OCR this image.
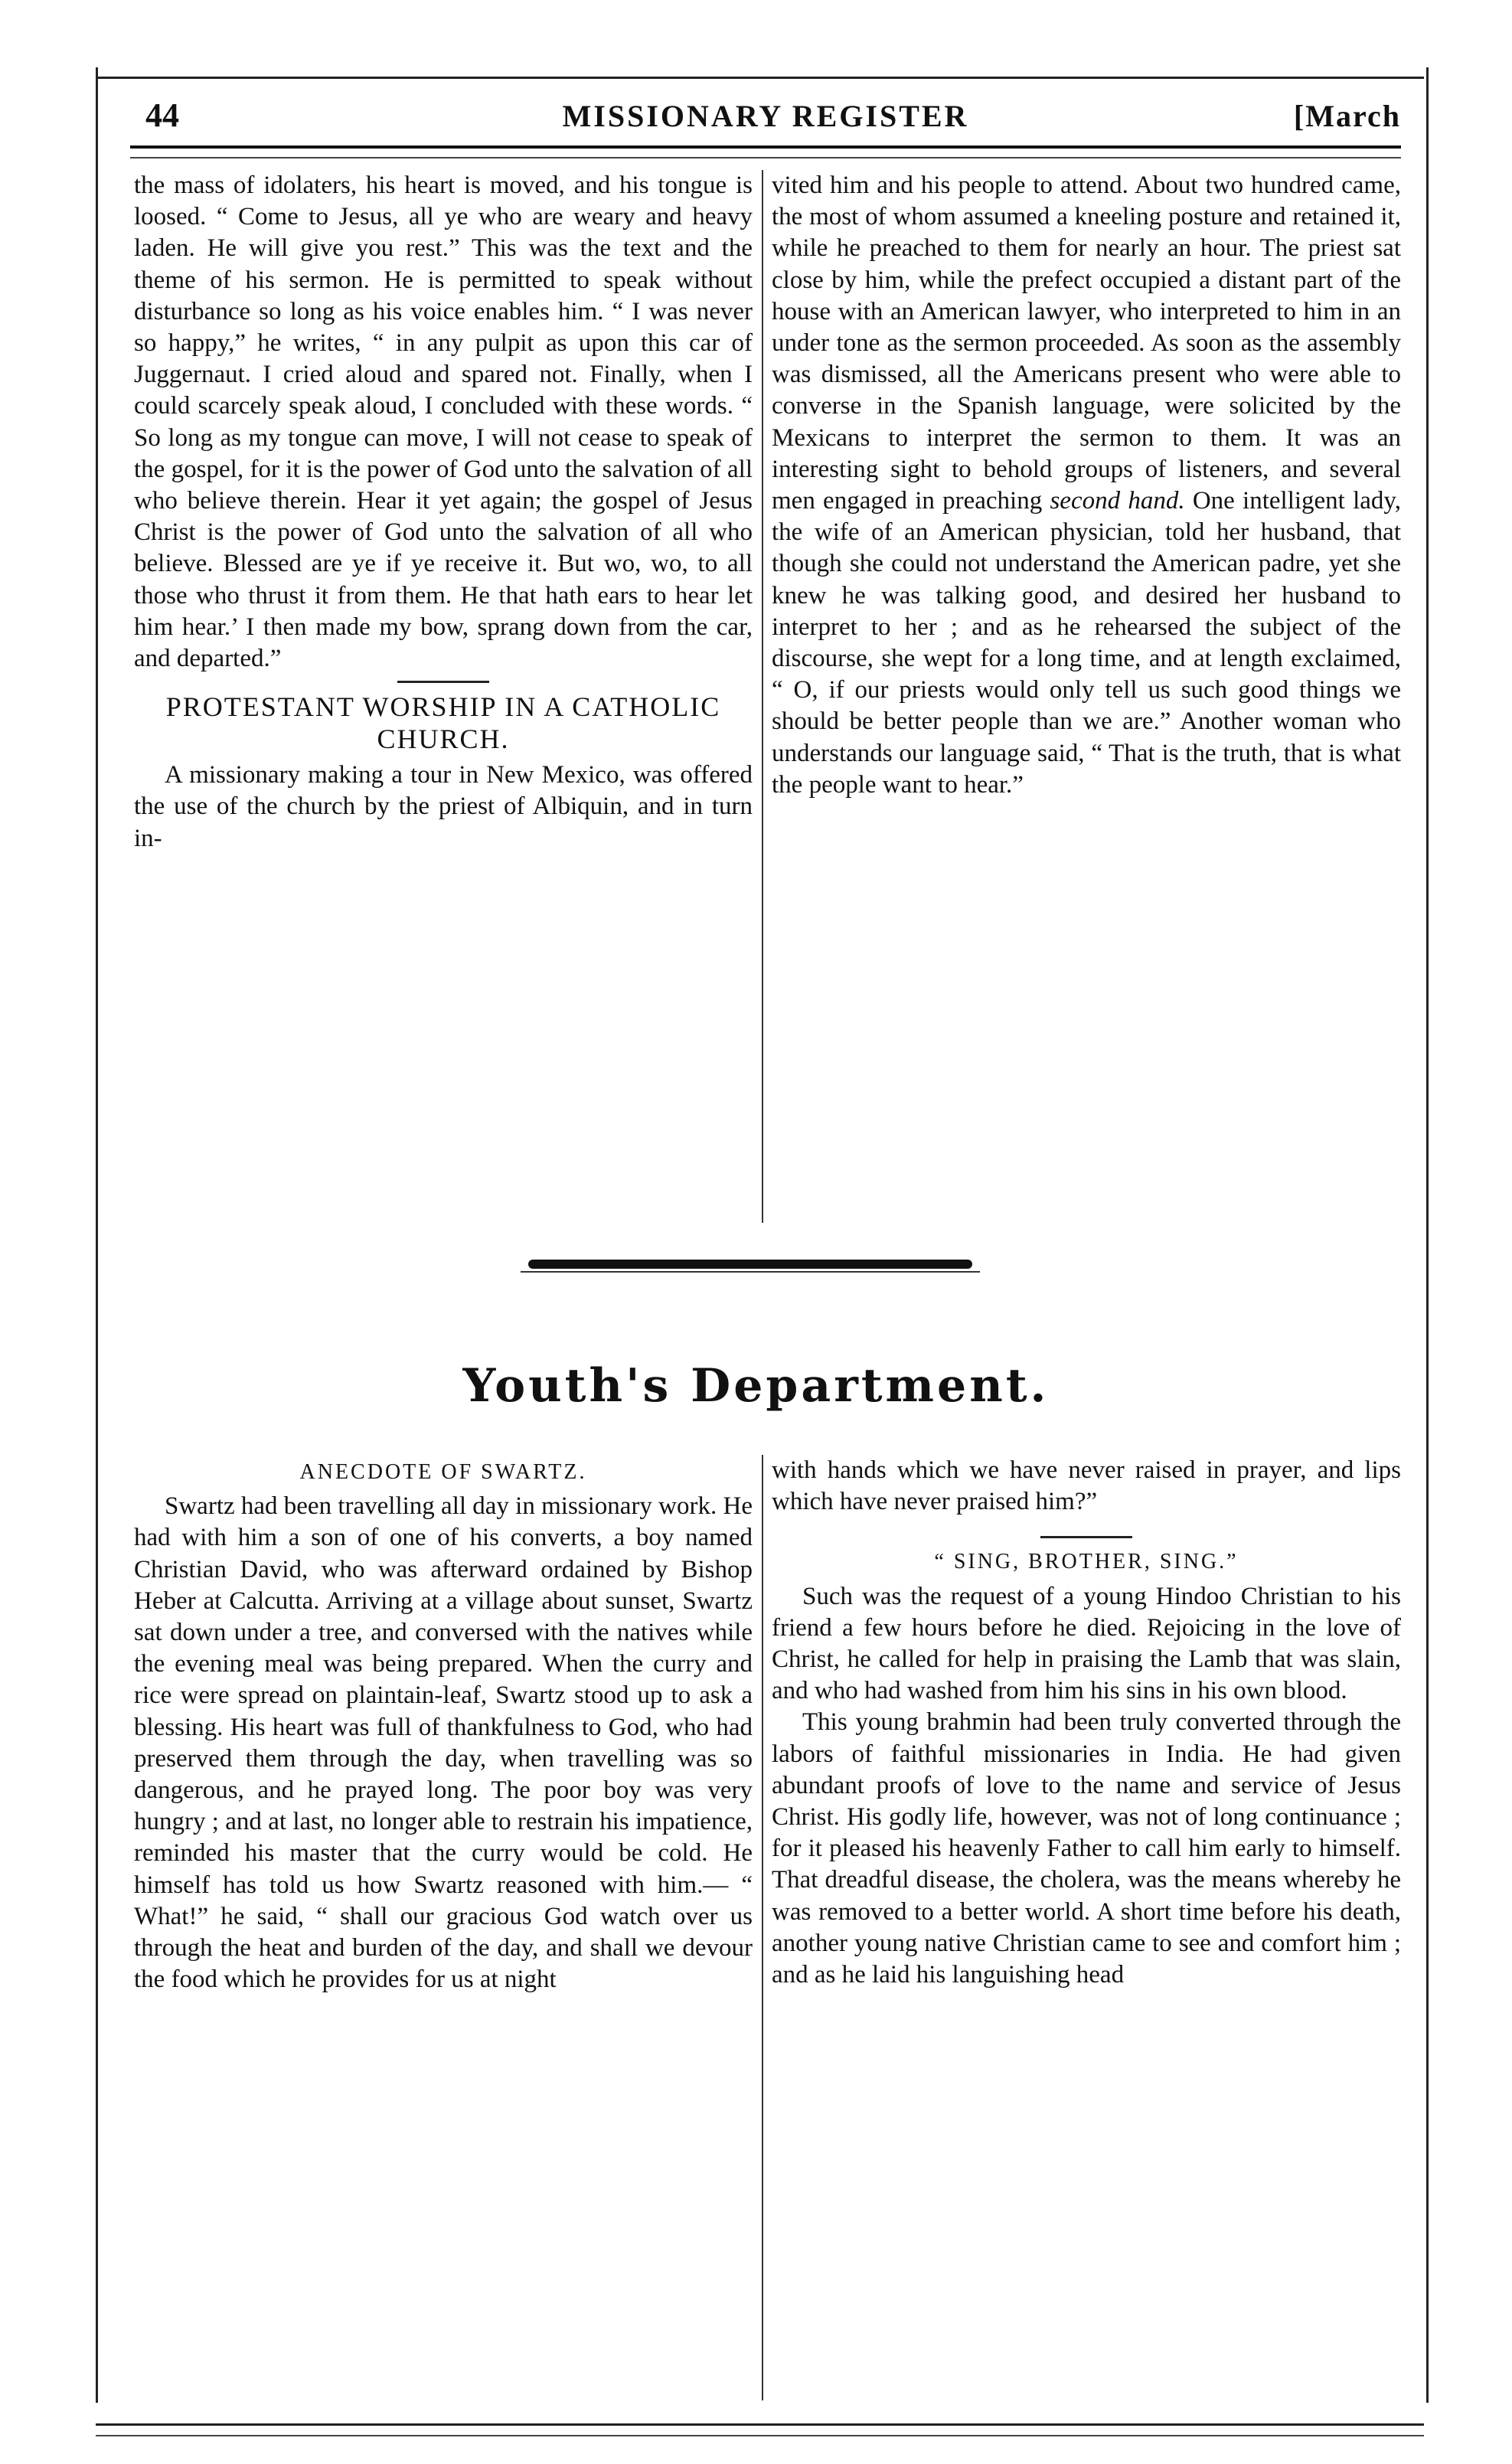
44	MISSIONARY REGISTER	[March

the mass of idolaters, his heart is moved, and his tongue is loosed. “ Come to Jesus, all ye who are weary and heavy laden. He will give you rest.” This was the text and the theme of his sermon. He is permitted to speak without disturbance so long as his voice enables him. “ I was never so happy,” he writes, “ in any pulpit as upon this car of Juggernaut. I cried aloud and spared not. Finally, when I could scarcely speak aloud, I concluded with these words. “ So long as my tongue can move, I will not cease to speak of the gospel, for it is the power of God unto the salvation of all who believe therein. Hear it yet again; the gospel of Jesus Christ is the power of God unto the salvation of all who believe. Blessed are ye if ye receive it. But wo, wo, to all those who thrust it from them. He that hath ears to hear let him hear.’ I then made my bow, sprang down from the car, and departed.”

PROTESTANT WORSHIP IN A CATHOLIC CHURCH.

A missionary making a tour in New Mexico, was offered the use of the church by the priest of Albiquin, and in turn in-

vited him and his people to attend. About two hundred came, the most of whom assumed a kneeling posture and retained it, while he preached to them for nearly an hour. The priest sat close by him, while the prefect occupied a distant part of the house with an American lawyer, who interpreted to him in an under tone as the sermon proceeded. As soon as the assembly was dismissed, all the Americans present who were able to converse in the Spanish language, were solicited by the Mexicans to interpret the sermon to them. It was an interesting sight to behold groups of listeners, and several men engaged in preaching second hand. One intelligent lady, the wife of an American physician, told her husband, that though she could not understand the American padre, yet she knew he was talking good, and desired her husband to interpret to her ; and as he rehearsed the subject of the discourse, she wept for a long time, and at length exclaimed, “ O, if our priests would only tell us such good things we should be better people than we are.” Another woman who understands our language said, “ That is the truth, that is what the people want to hear.”

Youth's Department.
ANECDOTE OF SWARTZ.

Swartz had been travelling all day in missionary work. He had with him a son of one of his converts, a boy named Christian David, who was afterward ordained by Bishop Heber at Calcutta. Arriving at a village about sunset, Swartz sat down under a tree, and conversed with the natives while the evening meal was being prepared. When the curry and rice were spread on plaintain-leaf, Swartz stood up to ask a blessing. His heart was full of thankfulness to God, who had preserved them through the day, when travelling was so dangerous, and he prayed long. The poor boy was very hungry ; and at last, no longer able to restrain his impatience, reminded his master that the curry would be cold. He himself has told us how Swartz reasoned with him.— “ What!” he said, “ shall our gracious God watch over us through the heat and burden of the day, and shall we devour the food which he provides for us at night

with hands which we have never raised in prayer, and lips which have never praised him?”

“ SING, BROTHER, SING.”

Such was the request of a young Hindoo Christian to his friend a few hours before he died. Rejoicing in the love of Christ, he called for help in praising the Lamb that was slain, and who had washed from him his sins in his own blood.

This young brahmin had been truly converted through the labors of faithful missionaries in India. He had given abundant proofs of love to the name and service of Jesus Christ. His godly life, however, was not of long continuance ; for it pleased his heavenly Father to call him early to himself. That dreadful disease, the cholera, was the means whereby he was removed to a better world. A short time before his death, another young native Christian came to see and comfort him ; and as he laid his languishing head
